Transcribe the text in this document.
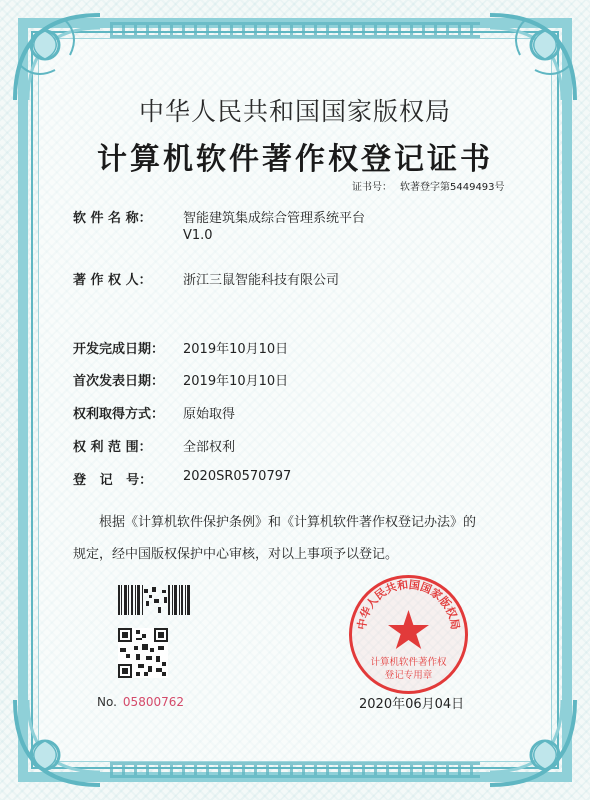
中华人民共和国国家版权局
计算机软件著作权登记证书
证书号： 软著登字第5449493号
软 件 名 称：	智能建筑集成综合管理系统平台
V1.0
著 作 权 人：	浙江三鼠智能科技有限公司
开发完成日期：	2019年10月10日
首次发表日期：	2019年10月10日
权利取得方式：	原始取得
权 利 范 围：	全部权利
登   记   号：	2020SR0570797
根据《计算机软件保护条例》和《计算机软件著作权登记办法》的
规定，经中国版权保护中心审核，对以上事项予以登记。
No. 05800762
中华人民共和国国家版权局
计算机软件著作权
登记专用章
2020年06月04日
